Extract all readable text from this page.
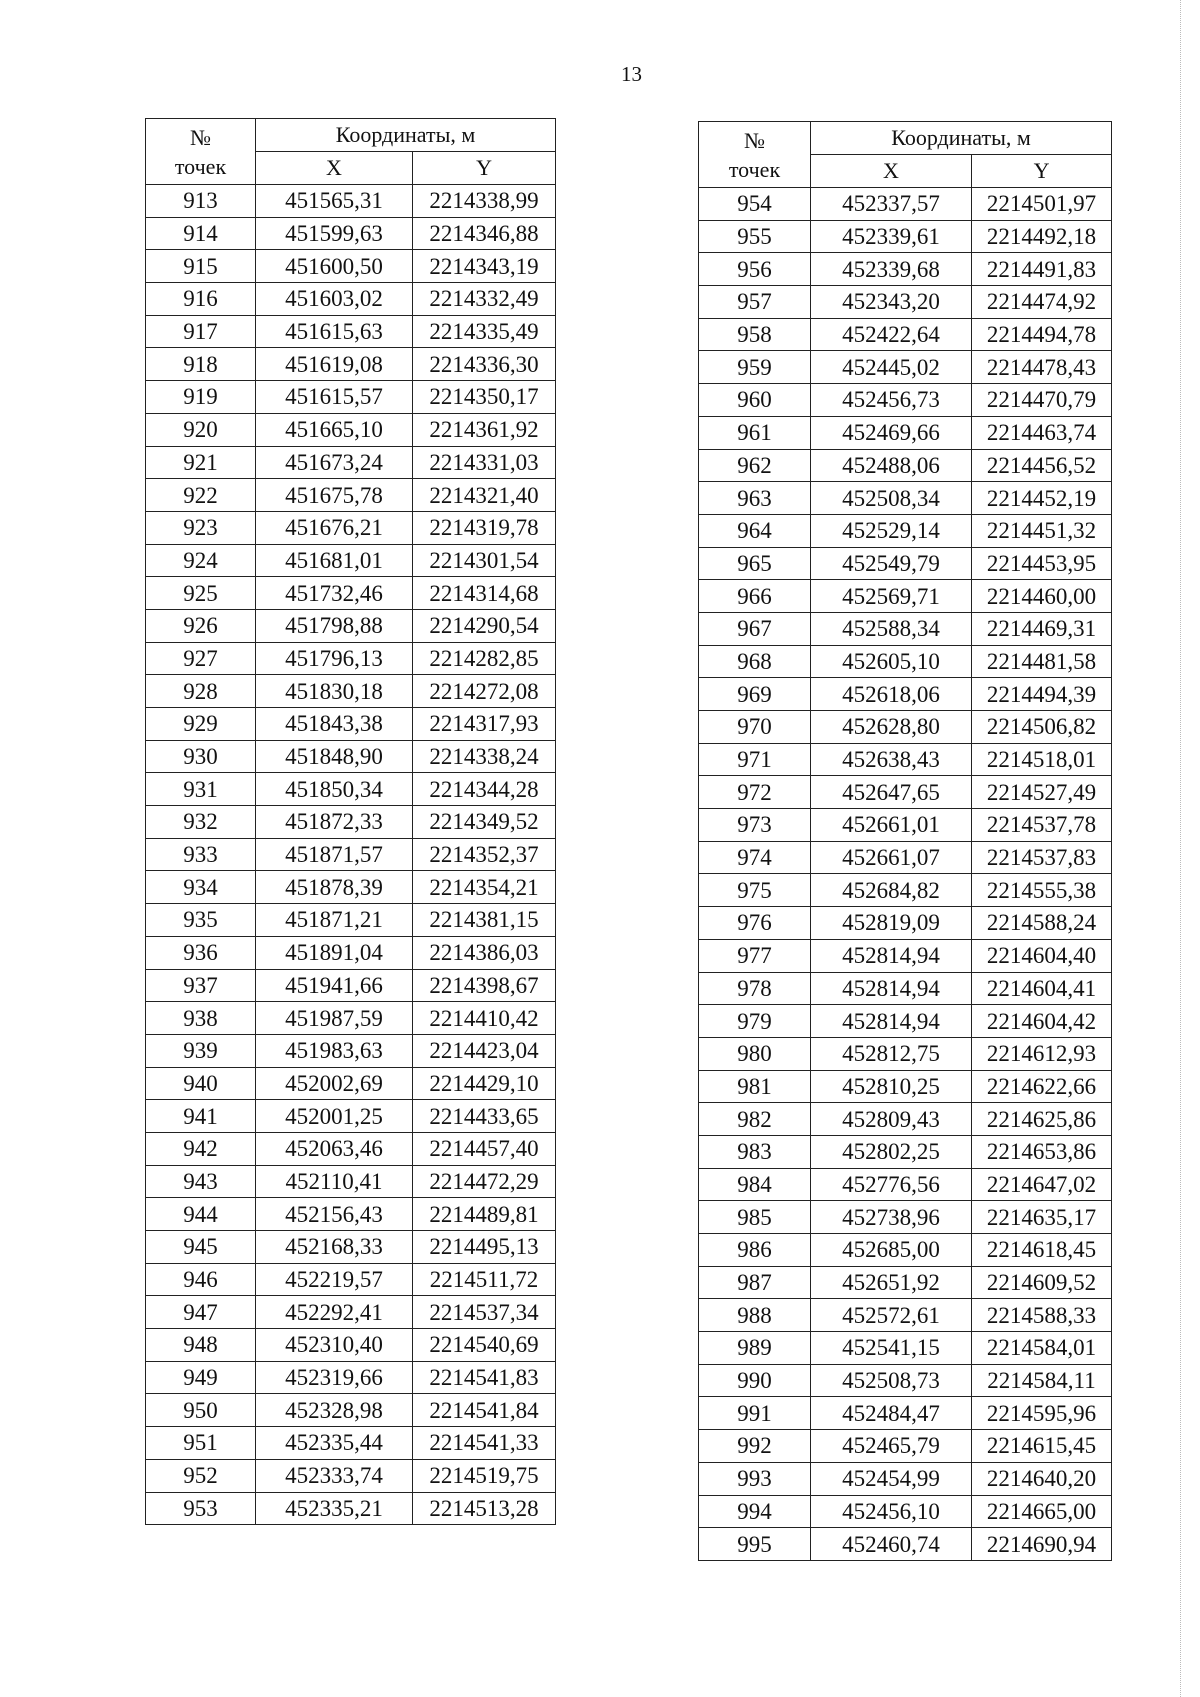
13
№
точек	Координаты, м	
	X	Y
913	451565,31	2214338,99
914	451599,63	2214346,88
915	451600,50	2214343,19
916	451603,02	2214332,49
917	451615,63	2214335,49
918	451619,08	2214336,30
919	451615,57	2214350,17
920	451665,10	2214361,92
921	451673,24	2214331,03
922	451675,78	2214321,40
923	451676,21	2214319,78
924	451681,01	2214301,54
925	451732,46	2214314,68
926	451798,88	2214290,54
927	451796,13	2214282,85
928	451830,18	2214272,08
929	451843,38	2214317,93
930	451848,90	2214338,24
931	451850,34	2214344,28
932	451872,33	2214349,52
933	451871,57	2214352,37
934	451878,39	2214354,21
935	451871,21	2214381,15
936	451891,04	2214386,03
937	451941,66	2214398,67
938	451987,59	2214410,42
939	451983,63	2214423,04
940	452002,69	2214429,10
941	452001,25	2214433,65
942	452063,46	2214457,40
943	452110,41	2214472,29
944	452156,43	2214489,81
945	452168,33	2214495,13
946	452219,57	2214511,72
947	452292,41	2214537,34
948	452310,40	2214540,69
949	452319,66	2214541,83
950	452328,98	2214541,84
951	452335,44	2214541,33
952	452333,74	2214519,75
953	452335,21	2214513,28
№
точек	Координаты, м	
	X	Y
954	452337,57	2214501,97
955	452339,61	2214492,18
956	452339,68	2214491,83
957	452343,20	2214474,92
958	452422,64	2214494,78
959	452445,02	2214478,43
960	452456,73	2214470,79
961	452469,66	2214463,74
962	452488,06	2214456,52
963	452508,34	2214452,19
964	452529,14	2214451,32
965	452549,79	2214453,95
966	452569,71	2214460,00
967	452588,34	2214469,31
968	452605,10	2214481,58
969	452618,06	2214494,39
970	452628,80	2214506,82
971	452638,43	2214518,01
972	452647,65	2214527,49
973	452661,01	2214537,78
974	452661,07	2214537,83
975	452684,82	2214555,38
976	452819,09	2214588,24
977	452814,94	2214604,40
978	452814,94	2214604,41
979	452814,94	2214604,42
980	452812,75	2214612,93
981	452810,25	2214622,66
982	452809,43	2214625,86
983	452802,25	2214653,86
984	452776,56	2214647,02
985	452738,96	2214635,17
986	452685,00	2214618,45
987	452651,92	2214609,52
988	452572,61	2214588,33
989	452541,15	2214584,01
990	452508,73	2214584,11
991	452484,47	2214595,96
992	452465,79	2214615,45
993	452454,99	2214640,20
994	452456,10	2214665,00
995	452460,74	2214690,94
